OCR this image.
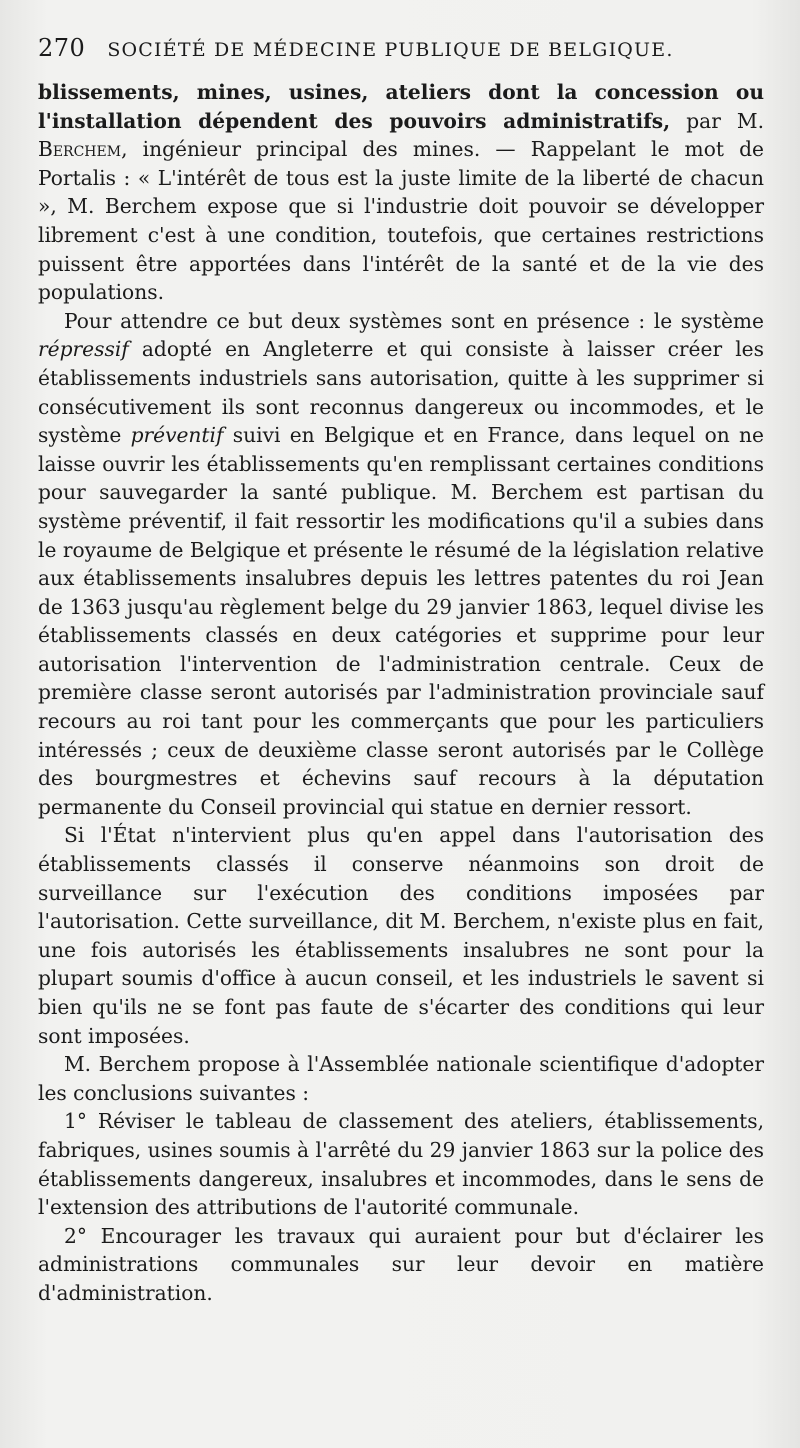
270 SOCIÉTÉ DE MÉDECINE PUBLIQUE DE BELGIQUE.

blissements, mines, usines, ateliers dont la concession ou l'installation dépendent des pouvoirs administratifs, par M. Berchem, ingénieur principal des mines. — Rappelant le mot de Portalis : « L'intérêt de tous est la juste limite de la liberté de chacun », M. Berchem expose que si l'industrie doit pouvoir se développer librement c'est à une condition, toutefois, que certaines restrictions puissent être apportées dans l'intérêt de la santé et de la vie des populations.

Pour attendre ce but deux systèmes sont en présence : le système répressif adopté en Angleterre et qui consiste à laisser créer les établissements industriels sans autorisation, quitte à les supprimer si consécutivement ils sont reconnus dangereux ou incommodes, et le système préventif suivi en Belgique et en France, dans lequel on ne laisse ouvrir les établissements qu'en remplissant certaines conditions pour sauvegarder la santé publique. M. Berchem est partisan du système préventif, il fait ressortir les modifications qu'il a subies dans le royaume de Belgique et présente le résumé de la législation relative aux établissements insalubres depuis les lettres patentes du roi Jean de 1363 jusqu'au règlement belge du 29 janvier 1863, lequel divise les établissements classés en deux catégories et supprime pour leur autorisation l'intervention de l'administration centrale. Ceux de première classe seront autorisés par l'administration provinciale sauf recours au roi tant pour les commerçants que pour les particuliers intéressés ; ceux de deuxième classe seront autorisés par le Collège des bourgmestres et échevins sauf recours à la députation permanente du Conseil provincial qui statue en dernier ressort.

Si l'État n'intervient plus qu'en appel dans l'autorisation des établissements classés il conserve néanmoins son droit de surveillance sur l'exécution des conditions imposées par l'autorisation. Cette surveillance, dit M. Berchem, n'existe plus en fait, une fois autorisés les établissements insalubres ne sont pour la plupart soumis d'office à aucun conseil, et les industriels le savent si bien qu'ils ne se font pas faute de s'écarter des conditions qui leur sont imposées.

M. Berchem propose à l'Assemblée nationale scientifique d'adopter les conclusions suivantes :

1° Réviser le tableau de classement des ateliers, établissements, fabriques, usines soumis à l'arrêté du 29 janvier 1863 sur la police des établissements dangereux, insalubres et incommodes, dans le sens de l'extension des attributions de l'autorité communale.

2° Encourager les travaux qui auraient pour but d'éclairer les administrations communales sur leur devoir en matière d'administration.
